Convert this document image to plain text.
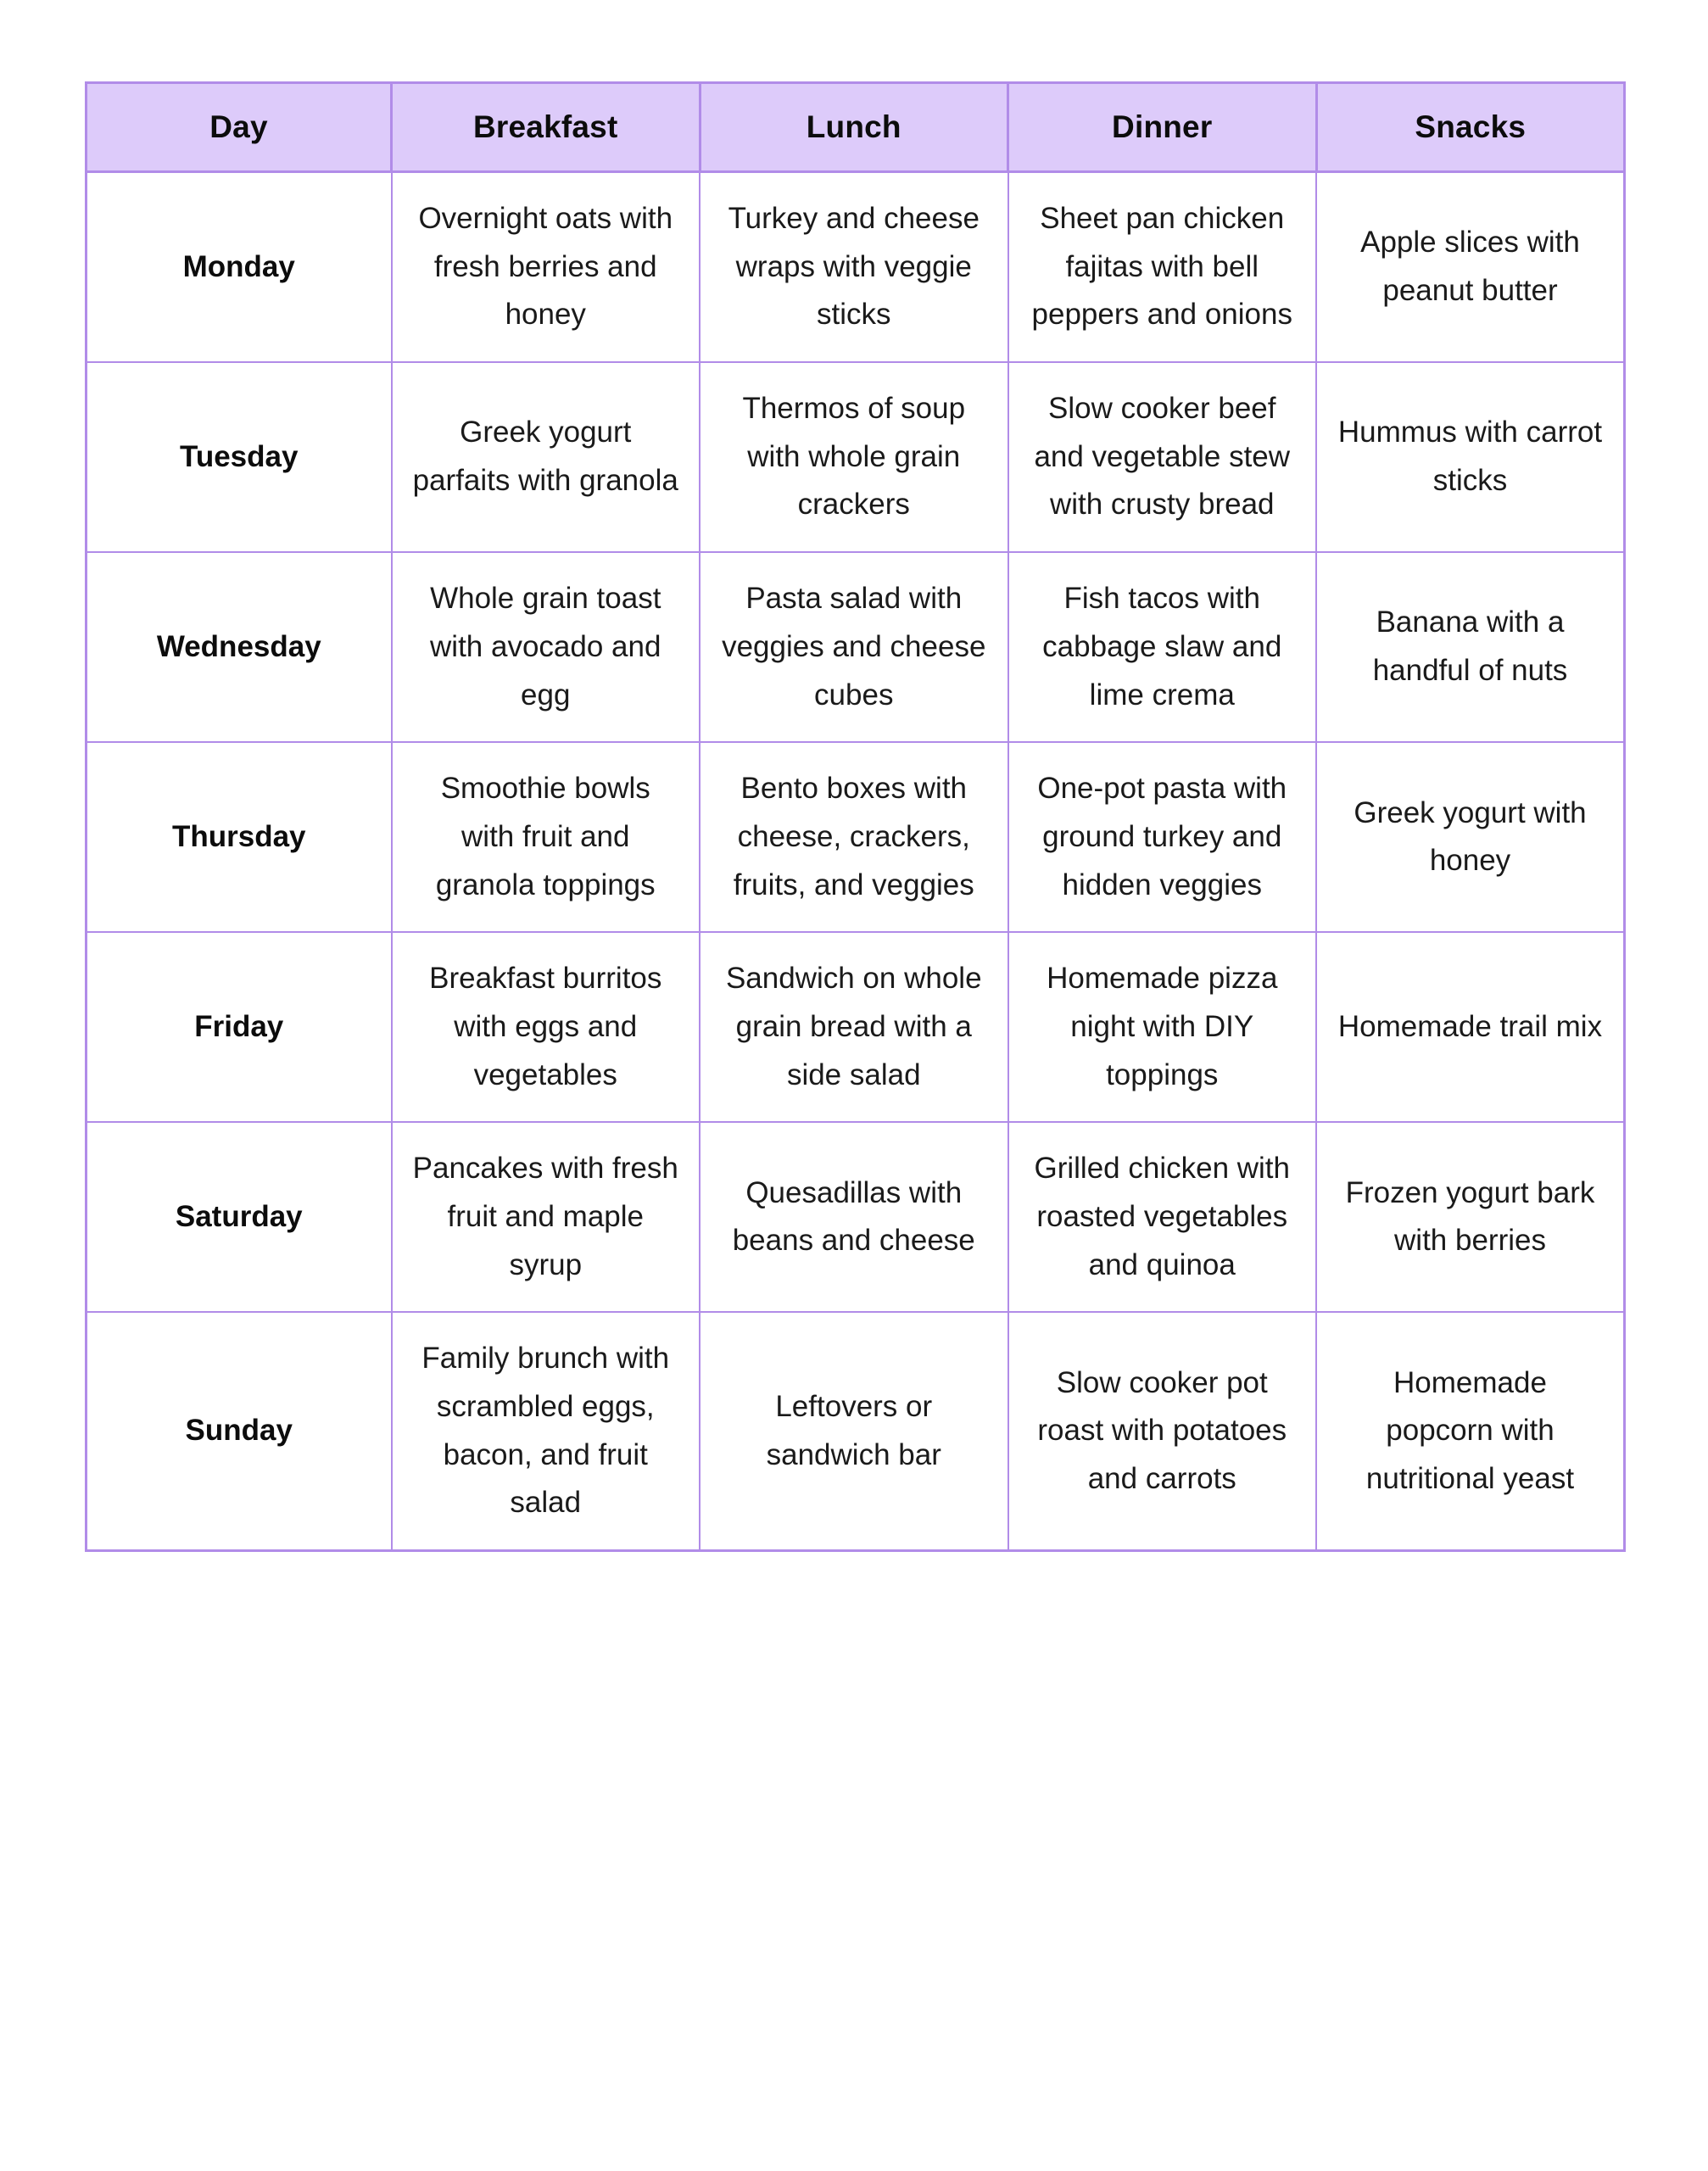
Day	Breakfast	Lunch	Dinner	Snacks
Monday	Overnight oats with fresh berries and honey	Turkey and cheese wraps with veggie sticks	Sheet pan chicken fajitas with bell peppers and onions	Apple slices with peanut butter
Tuesday	Greek yogurt parfaits with granola	Thermos of soup with whole grain crackers	Slow cooker beef and vegetable stew with crusty bread	Hummus with carrot sticks
Wednesday	Whole grain toast with avocado and egg	Pasta salad with veggies and cheese cubes	Fish tacos with cabbage slaw and lime crema	Banana with a handful of nuts
Thursday	Smoothie bowls with fruit and granola toppings	Bento boxes with cheese, crackers, fruits, and veggies	One-pot pasta with ground turkey and hidden veggies	Greek yogurt with honey
Friday	Breakfast burritos with eggs and vegetables	Sandwich on whole grain bread with a side salad	Homemade pizza night with DIY toppings	Homemade trail mix
Saturday	Pancakes with fresh fruit and maple syrup	Quesadillas with beans and cheese	Grilled chicken with roasted vegetables and quinoa	Frozen yogurt bark with berries
Sunday	Family brunch with scrambled eggs, bacon, and fruit salad	Leftovers or sandwich bar	Slow cooker pot roast with potatoes and carrots	Homemade popcorn with nutritional yeast
